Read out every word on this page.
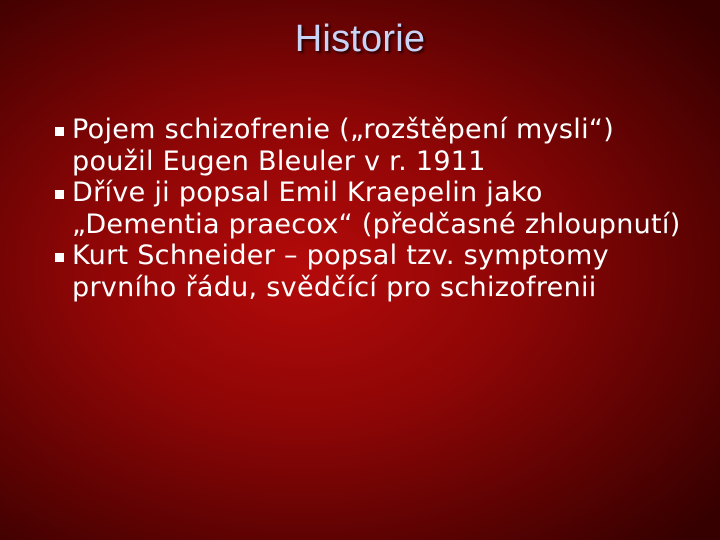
Historie
Pojem schizofrenie („rozštěpení mysli“) použil Eugen Bleuler v r. 1911
Dříve ji popsal Emil Kraepelin jako „Dementia praecox“ (předčasné zhloupnutí)
Kurt Schneider – popsal tzv. symptomy prvního řádu, svědčící pro schizofrenii
